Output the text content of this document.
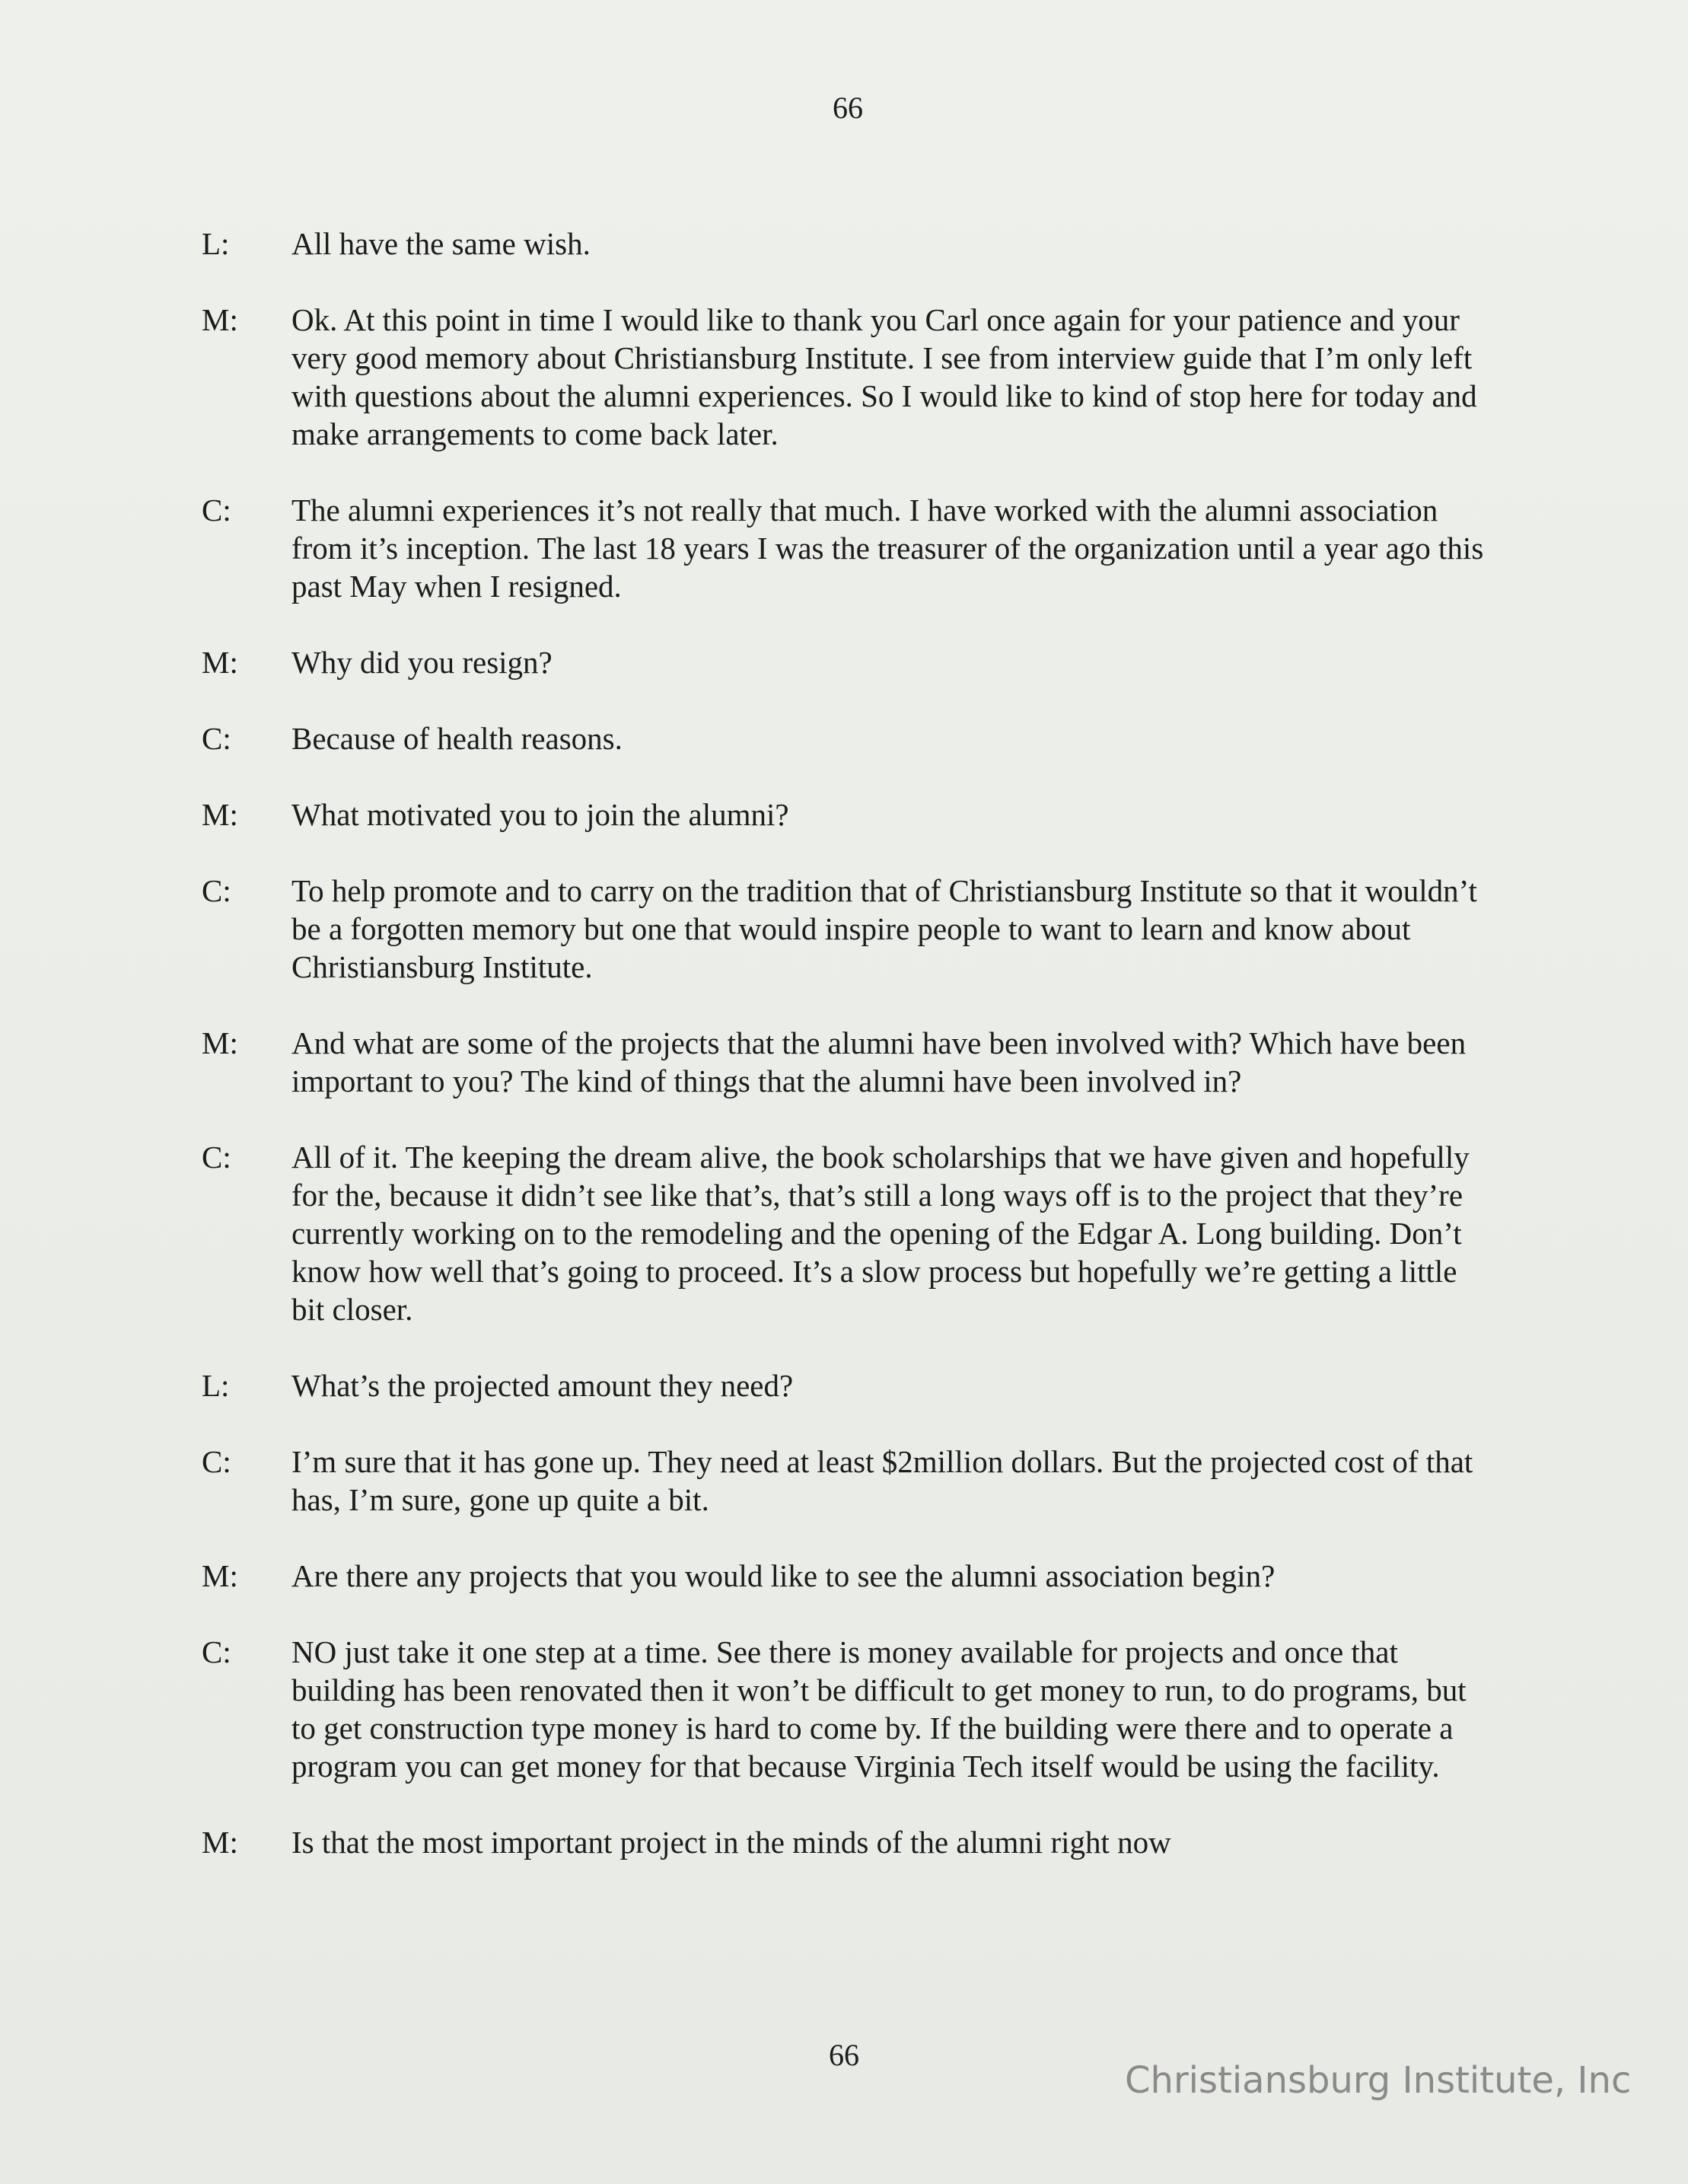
66
L:	All have the same wish.

M:	Ok. At this point in time I would like to thank you Carl once again for your patience and your very good memory about Christiansburg Institute. I see from interview guide that I’m only left with questions about the alumni experiences. So I would like to kind of stop here for today and make arrangements to come back later.

C:	The alumni experiences it’s not really that much. I have worked with the alumni association from it’s inception. The last 18 years I was the treasurer of the organization until a year ago this past May when I resigned.

M:	Why did you resign?

C:	Because of health reasons.

M:	What motivated you to join the alumni?

C:	To help promote and to carry on the tradition that of Christiansburg Institute so that it wouldn’t be a forgotten memory but one that would inspire people to want to learn and know about Christiansburg Institute.

M:	And what are some of the projects that the alumni have been involved with? Which have been important to you? The kind of things that the alumni have been involved in?

C:	All of it. The keeping the dream alive, the book scholarships that we have given and hopefully for the, because it didn’t see like that’s, that’s still a long ways off is to the project that they’re currently working on to the remodeling and the opening of the Edgar A. Long building. Don’t know how well that’s going to proceed. It’s a slow process but hopefully we’re getting a little bit closer.

L:	What’s the projected amount they need?

C:	I’m sure that it has gone up. They need at least $2million dollars. But the projected cost of that has, I’m sure, gone up quite a bit.

M:	Are there any projects that you would like to see the alumni association begin?

C:	NO just take it one step at a time. See there is money available for projects and once that building has been renovated then it won’t be difficult to get money to run, to do programs, but to get construction type money is hard to come by. If the building were there and to operate a program you can get money for that because Virginia Tech itself would be using the facility.

M:	Is that the most important project in the minds of the alumni right now

66
Christiansburg Institute, Inc
